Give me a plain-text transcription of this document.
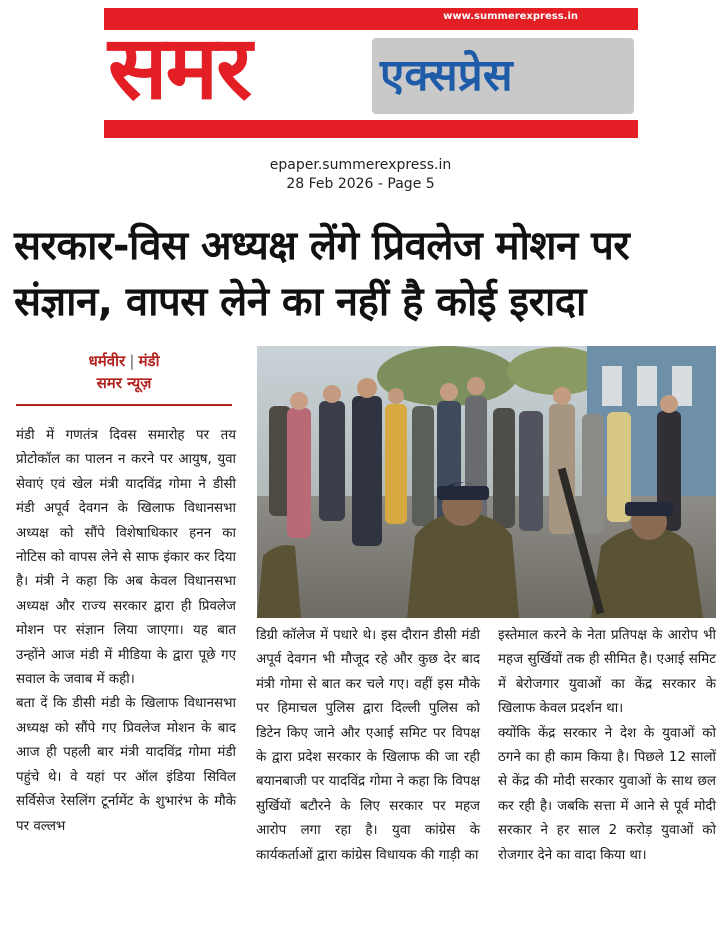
www.summerexpress.in
समर	एक्सप्रेस
epaper.summerexpress.in
28 Feb 2026 - Page 5
सरकार-विस अध्यक्ष लेंगे प्रिवलेज मोशन पर
संज्ञान, वापस लेने का नहीं है कोई इरादा
धर्मवीर | मंडी
समर न्यूज़

मंडी में गणतंत्र दिवस समारोह पर तय प्रोटोकॉल का पालन न करने पर आयुष, युवा सेवाएं एवं खेल मंत्री यादविंद्र गोमा ने डीसी मंडी अपूर्व देवगन के खिलाफ विधानसभा अध्यक्ष को सौंपे विशेषाधिकार हनन का नोटिस को वापस लेने से साफ इंकार कर दिया है। मंत्री ने कहा कि अब केवल विधानसभा अध्यक्ष और राज्य सरकार द्वारा ही प्रिवलेज मोशन पर संज्ञान लिया जाएगा। यह बात उन्होंने आज मंडी में मीडिया के द्वारा पूछे गए सवाल के जवाब में कही।

बता दें कि डीसी मंडी के खिलाफ विधानसभा अध्यक्ष को सौंपे गए प्रिवलेज मोशन के बाद आज ही पहली बार मंत्री यादविंद्र गोमा मंडी पहुंचे थे। वे यहां पर ऑल इंडिया सिविल सर्विसेज रेसलिंग टूर्नामेंट के शुभारंभ के मौके पर वल्लभ

डिग्री कॉलेज में पधारे थे। इस दौरान डीसी मंडी अपूर्व देवगन भी मौजूद रहे और कुछ देर बाद मंत्री गोमा से बात कर चले गए। वहीं इस मौके पर हिमाचल पुलिस द्वारा दिल्ली पुलिस को डिटेन किए जाने और एआई समिट पर विपक्ष के द्वारा प्रदेश सरकार के खिलाफ की जा रही बयानबाजी पर यादविंद्र गोमा ने कहा कि विपक्ष सुर्खियों बटौरने के लिए सरकार पर महज आरोप लगा रहा है। युवा कांग्रेस के कार्यकर्ताओं द्वारा कांग्रेस विधायक की गाड़ी का

इस्तेमाल करने के नेता प्रतिपक्ष के आरोप भी महज सुर्खियों तक ही सीमित है। एआई समिट में बेरोजगार युवाओं का केंद्र सरकार के खिलाफ केवल प्रदर्शन था।

क्योंकि केंद्र सरकार ने देश के युवाओं को ठगने का ही काम किया है। पिछले 12 सालों से केंद्र की मोदी सरकार युवाओं के साथ छल कर रही है। जबकि सत्ता में आने से पूर्व मोदी सरकार ने हर साल 2 करोड़ युवाओं को रोजगार देने का वादा किया था।
